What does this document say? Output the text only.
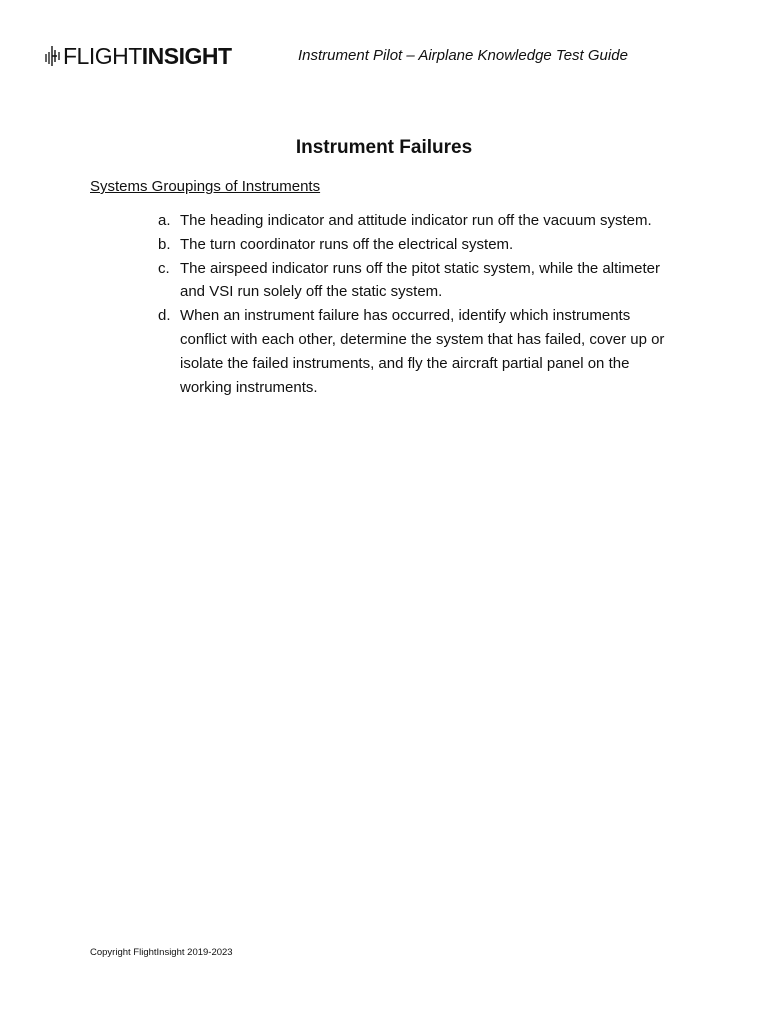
FLIGHTINSIGHT	Instrument Pilot – Airplane Knowledge Test Guide
Instrument Failures
Systems Groupings of Instruments
a. The heading indicator and attitude indicator run off the vacuum system.
b. The turn coordinator runs off the electrical system.
c. The airspeed indicator runs off the pitot static system, while the altimeter and VSI run solely off the static system.
d. When an instrument failure has occurred, identify which instruments conflict with each other, determine the system that has failed, cover up or isolate the failed instruments, and fly the aircraft partial panel on the working instruments.
Copyright FlightInsight 2019-2023
